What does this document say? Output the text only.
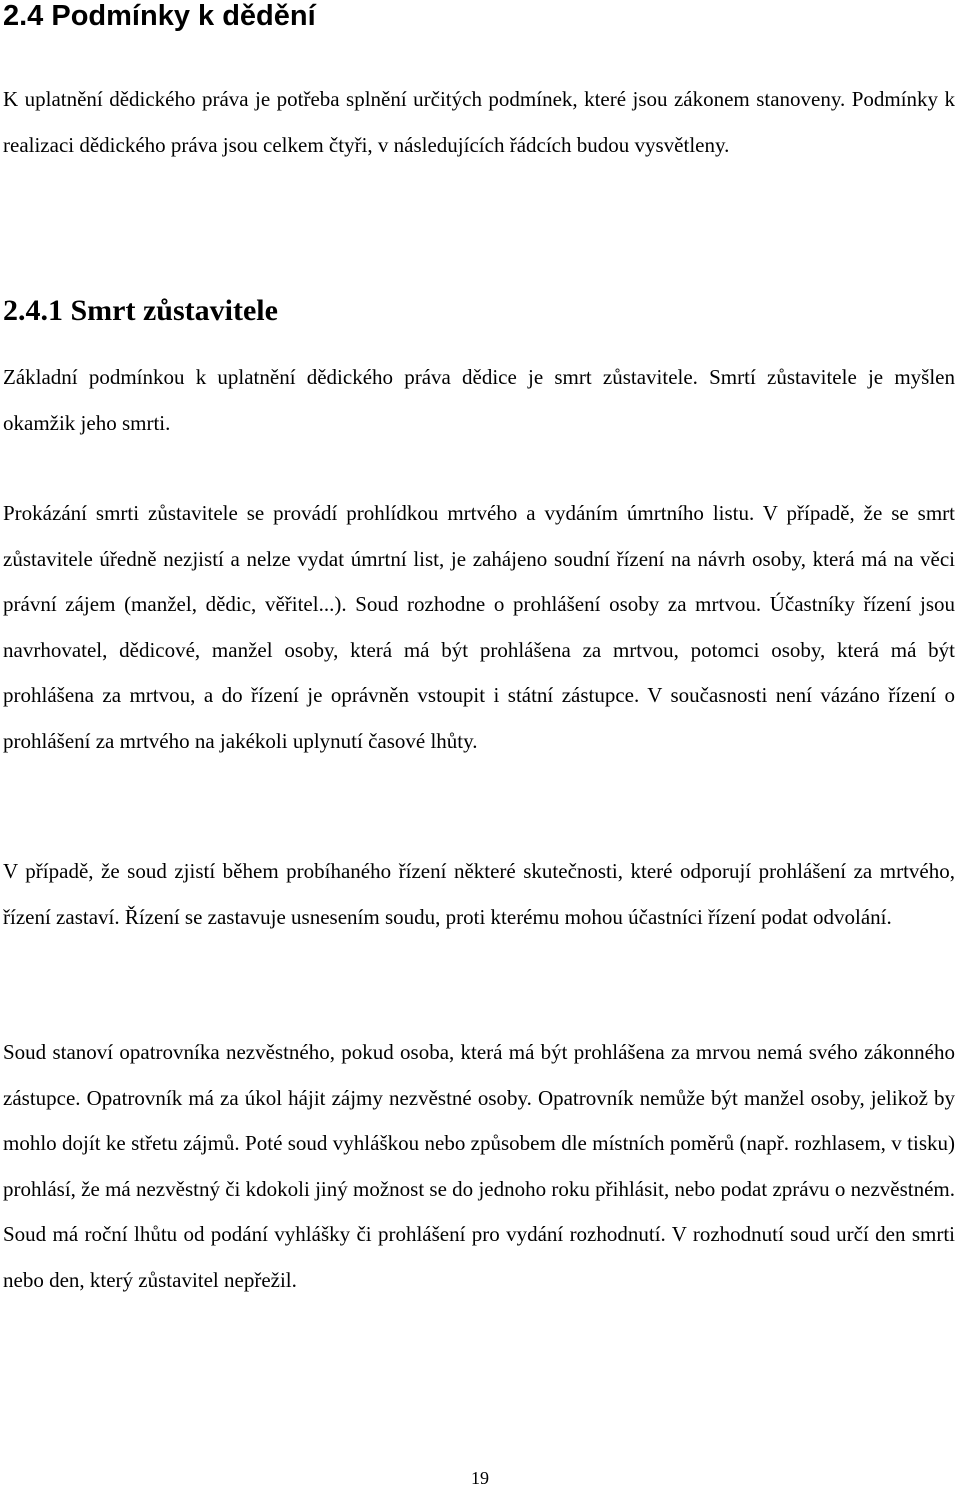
2.4 Podmínky k dědění

K uplatnění dědického práva je potřeba splnění určitých podmínek, které jsou zákonem stanoveny. Podmínky k realizaci dědického práva jsou celkem čtyři, v následujících řádcích budou vysvětleny.

2.4.1 Smrt zůstavitele

Základní podmínkou k uplatnění dědického práva dědice je smrt zůstavitele. Smrtí zůstavitele je myšlen okamžik jeho smrti.

Prokázání smrti zůstavitele se provádí prohlídkou mrtvého a vydáním úmrtního listu. V případě, že se smrt zůstavitele úředně nezjistí a nelze vydat úmrtní list, je zahájeno soudní řízení na návrh osoby, která má na věci právní zájem (manžel, dědic, věřitel...). Soud rozhodne o prohlášení osoby za mrtvou. Účastníky řízení jsou navrhovatel, dědicové, manžel osoby, která má být prohlášena za mrtvou, potomci osoby, která má být prohlášena za mrtvou, a do řízení je oprávněn vstoupit i státní zástupce. V současnosti není vázáno řízení o prohlášení za mrtvého na jakékoli uplynutí časové lhůty.

V případě, že soud zjistí během probíhaného řízení některé skutečnosti, které odporují prohlášení za mrtvého, řízení zastaví. Řízení se zastavuje usnesením soudu, proti kterému mohou účastníci řízení podat odvolání.

Soud stanoví opatrovníka nezvěstného, pokud osoba, která má být prohlášena za mrvou nemá svého zákonného zástupce. Opatrovník má za úkol hájit zájmy nezvěstné osoby. Opatrovník nemůže být manžel osoby, jelikož by mohlo dojít ke střetu zájmů. Poté soud vyhláškou nebo způsobem dle místních poměrů (např. rozhlasem, v tisku) prohlásí, že má nezvěstný či kdokoli jiný možnost se do jednoho roku přihlásit, nebo podat zprávu o nezvěstném. Soud má roční lhůtu od podání vyhlášky či prohlášení pro vydání rozhodnutí. V rozhodnutí soud určí den smrti nebo den, který zůstavitel nepřežil.

19
